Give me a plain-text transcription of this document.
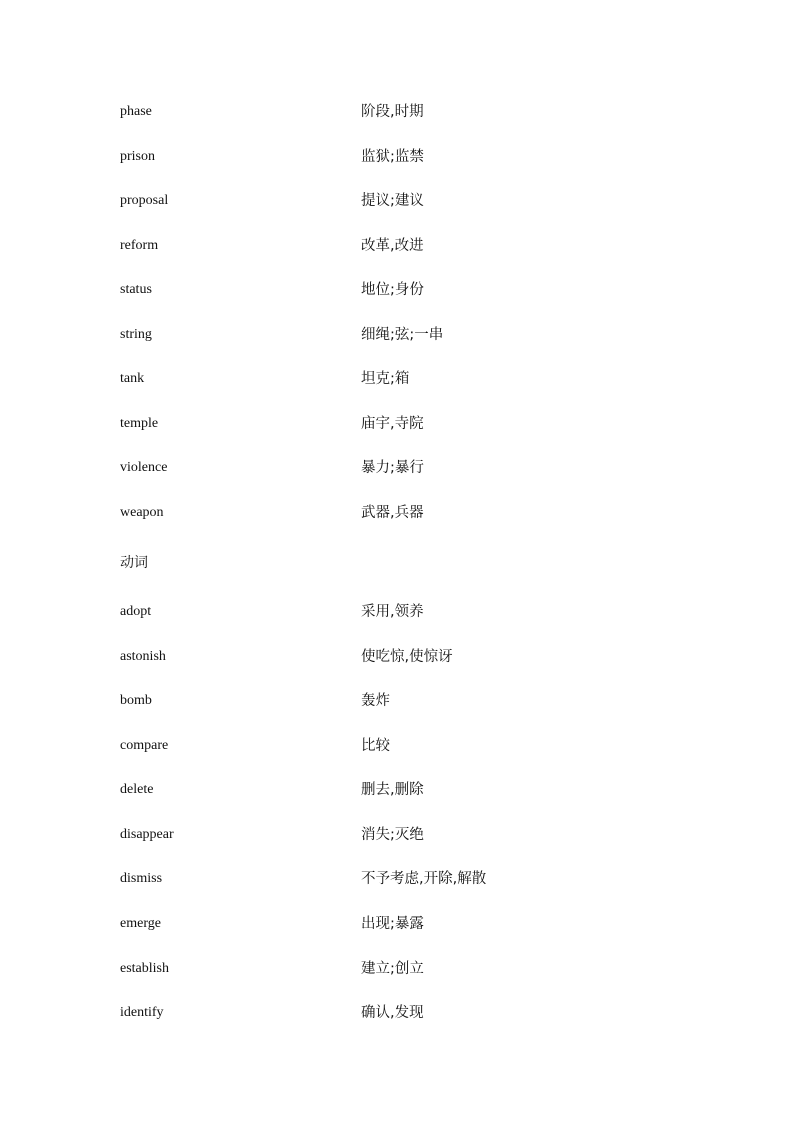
phase	阶段,时期
prison	监狱;监禁
proposal	提议;建议
reform	改革,改进
status	地位;身份
string	细绳;弦;一串
tank	坦克;箱
temple	庙宇,寺院
violence	暴力;暴行
weapon	武器,兵器
动词
adopt	采用,领养
astonish	使吃惊,使惊讶
bomb	轰炸
compare	比较
delete	删去,删除
disappear	消失;灭绝
dismiss	不予考虑,开除,解散
emerge	出现;暴露
establish	建立;创立
identify	确认,发现
